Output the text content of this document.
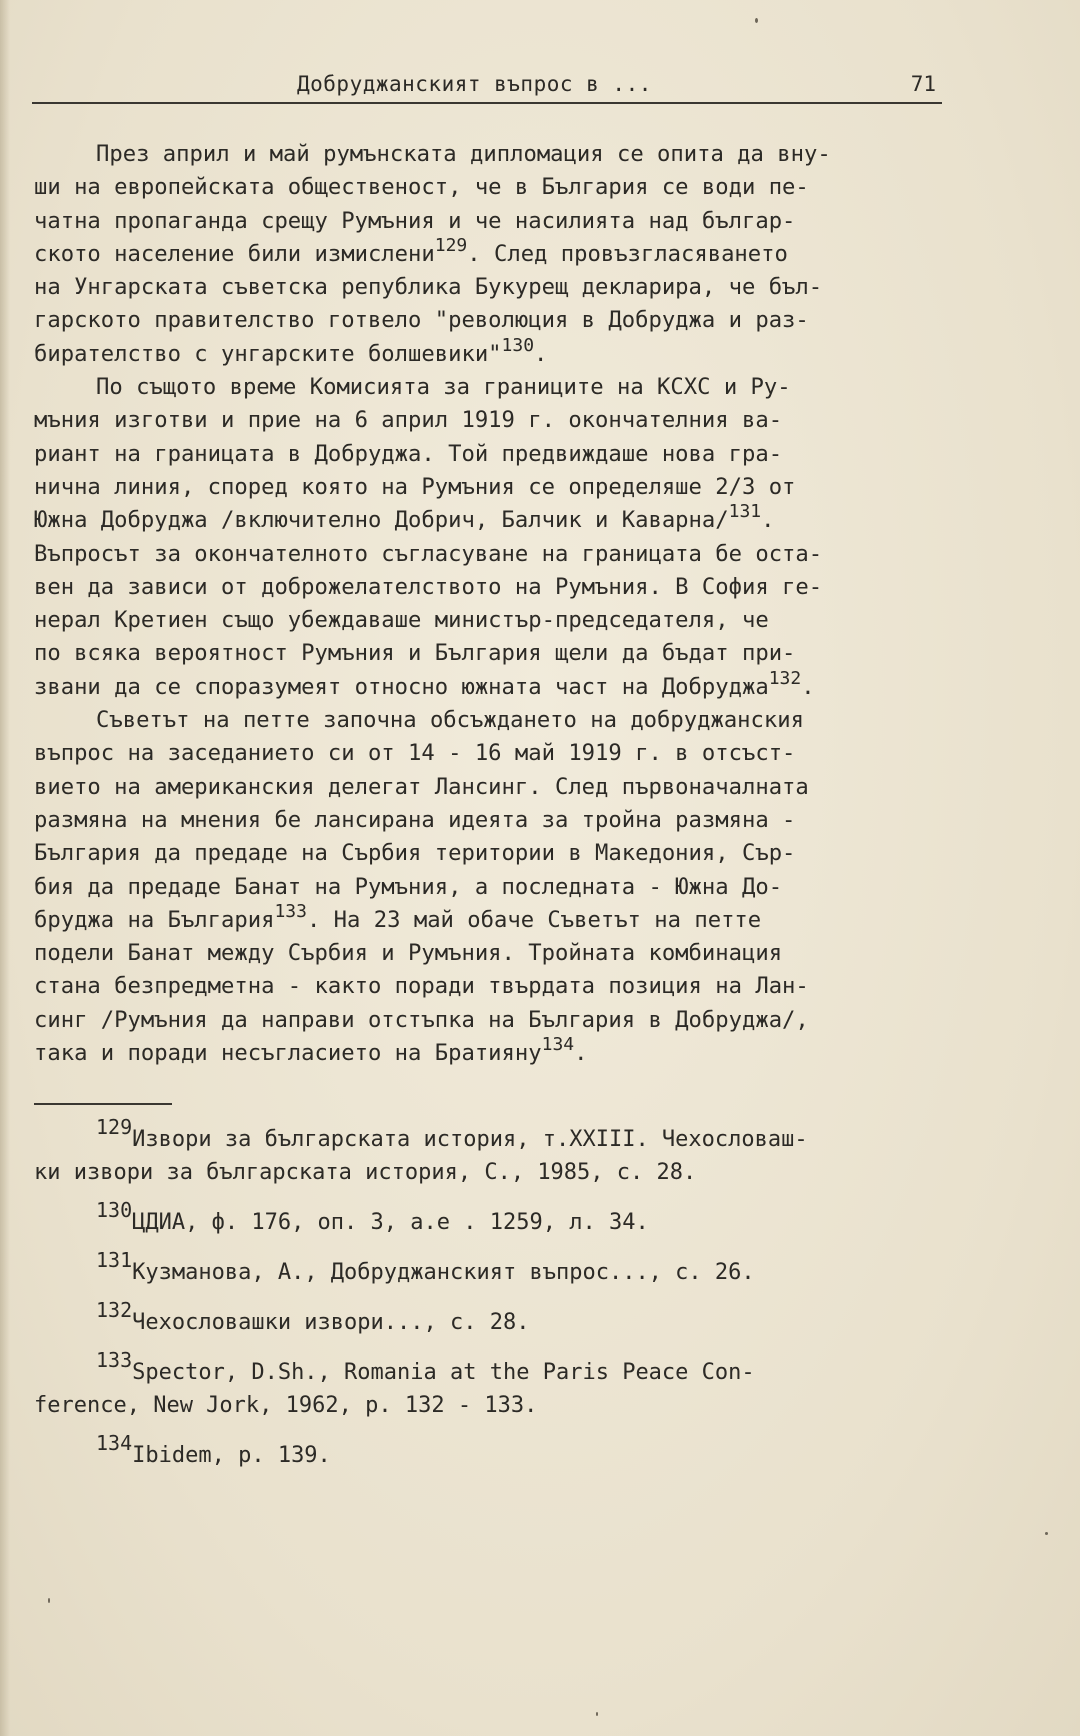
Добруджанският въпрос в ...	71
През април и май румънската дипломация се опита да вну-
ши на европейската общественост, че в България се води пе-
чатна пропаганда срещу Румъния и че насилията над българ-
ското население били измислени$^{129}$. След провъзгласяването
на Унгарската съветска република Букурещ декларира, че бъл-
гарското правителство готвело "революция в Добруджа и раз-
бирателство с унгарските болшевики"$^{130}$.
По същото време Комисията за границите на КСХС и Ру-
мъния изготви и прие на 6 април 1919 г. окончателния ва-
риант на границата в Добруджа. Той предвиждаше нова гра-
нична линия, според която на Румъния се определяше 2/3 от
Южна Добруджа /включително Добрич, Балчик и Каварна/$^{131}$.
Въпросът за окончателното съгласуване на границата бе оста-
вен да зависи от доброжелателството на Румъния. В София ге-
нерал Кретиен също убеждаваше министър-председателя, че
по всяка вероятност Румъния и България щели да бъдат при-
звани да се споразумеят относно южната част на Добруджа$^{132}$.
Съветът на петте започна обсъждането на добруджанския
въпрос на заседанието си от 14 - 16 май 1919 г. в отсъст-
вието на американския делегат Лансинг. След първоначалната
размяна на мнения бе лансирана идеята за тройна размяна -
България да предаде на Сърбия територии в Македония, Сър-
бия да предаде Банат на Румъния, а последната - Южна До-
бруджа на България$^{133}$. На 23 май обаче Съветът на петте
подели Банат между Сърбия и Румъния. Тройната комбинация
стана безпредметна - както поради твърдата позиция на Лан-
синг /Румъния да направи отстъпка на България в Добруджа/,
така и поради несъгласието на Братияну$^{134}$.
129Извори за българската история, т.XXIII. Чехословаш-
ки извори за българската история, С., 1985, с. 28.
130ЦДИА, ф. 176, оп. 3, а.е . 1259, л. 34.
131Кузманова, А., Добруджанският въпрос..., с. 26.
132Чехословашки извори..., с. 28.
133Spector, D.Sh., Romania at the Paris Peace Con-
ference, New Jork, 1962, p. 132 - 133.
134Ibidem, p. 139.
